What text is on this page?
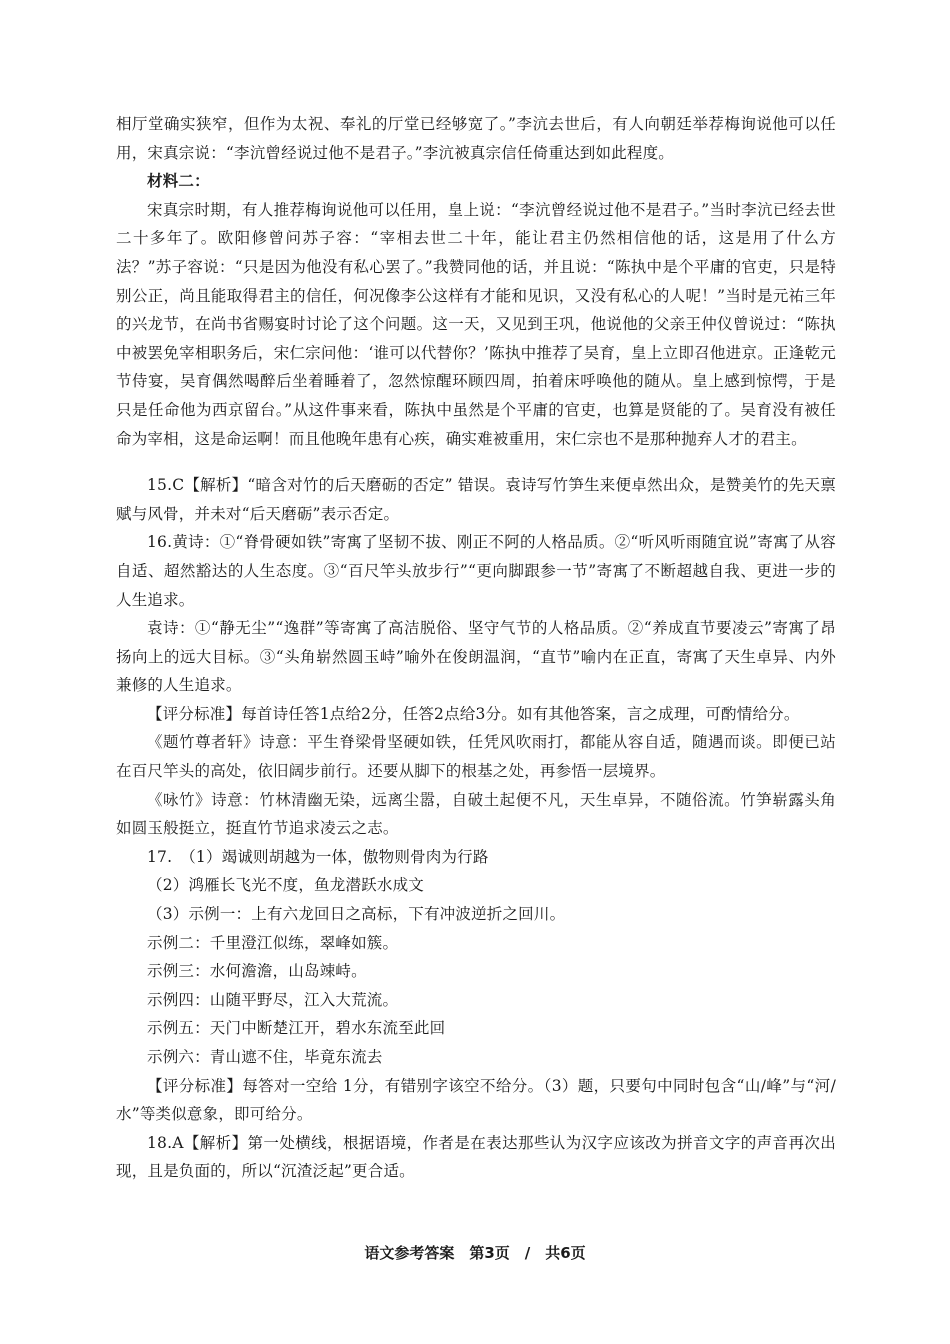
相厅堂确实狭窄，但作为太祝、奉礼的厅堂已经够宽了。”李沆去世后，有人向朝廷举荐梅询说他可以任用，宋真宗说：“李沆曾经说过他不是君子。”李沆被真宗信任倚重达到如此程度。

材料二：

宋真宗时期，有人推荐梅询说他可以任用，皇上说：“李沆曾经说过他不是君子。”当时李沆已经去世二十多年了。欧阳修曾问苏子容：“宰相去世二十年，能让君主仍然相信他的话，这是用了什么方法？”苏子容说：“只是因为他没有私心罢了。”我赞同他的话，并且说：“陈执中是个平庸的官吏，只是特别公正，尚且能取得君主的信任，何况像李公这样有才能和见识，又没有私心的人呢！”当时是元祐三年的兴龙节，在尚书省赐宴时讨论了这个问题。这一天，又见到王巩，他说他的父亲王仲仪曾说过：“陈执中被罢免宰相职务后，宋仁宗问他：‘谁可以代替你？’陈执中推荐了吴育，皇上立即召他进京。正逢乾元节侍宴，吴育偶然喝醉后坐着睡着了，忽然惊醒环顾四周，拍着床呼唤他的随从。皇上感到惊愕，于是只是任命他为西京留台。”从这件事来看，陈执中虽然是个平庸的官吏，也算是贤能的了。吴育没有被任命为宰相，这是命运啊！而且他晚年患有心疾，确实难被重用，宋仁宗也不是那种抛弃人才的君主。

15.C【解析】“暗含对竹的后天磨砺的否定” 错误。袁诗写竹笋生来便卓然出众，是赞美竹的先天禀赋与风骨，并未对“后天磨砺”表示否定。

16.黄诗：①“脊骨硬如铁”寄寓了坚韧不拔、刚正不阿的人格品质。②“听风听雨随宜说”寄寓了从容自适、超然豁达的人生态度。③“百尺竿头放步行”“更向脚跟参一节”寄寓了不断超越自我、更进一步的人生追求。

袁诗：①“静无尘”“逸群”等寄寓了高洁脱俗、坚守气节的人格品质。②“养成直节要凌云”寄寓了昂扬向上的远大目标。③“头角崭然圆玉峙”喻外在俊朗温润，“直节”喻内在正直，寄寓了天生卓异、内外兼修的人生追求。

【评分标准】每首诗任答1点给2分，任答2点给3分。如有其他答案，言之成理，可酌情给分。

《题竹尊者轩》诗意：平生脊梁骨坚硬如铁，任凭风吹雨打，都能从容自适，随遇而谈。即便已站在百尺竿头的高处，依旧阔步前行。还要从脚下的根基之处，再参悟一层境界。

《咏竹》诗意：竹林清幽无染，远离尘嚣，自破土起便不凡，天生卓异，不随俗流。竹笋崭露头角如圆玉般挺立，挺直竹节追求凌云之志。

17.　（1）竭诚则胡越为一体，傲物则骨肉为行路

（2）鸿雁长飞光不度，鱼龙潜跃水成文

（3）示例一：上有六龙回日之高标，下有冲波逆折之回川。

示例二：千里澄江似练，翠峰如簇。

示例三：水何澹澹，山岛竦峙。

示例四：山随平野尽，江入大荒流。

示例五：天门中断楚江开，碧水东流至此回

示例六：青山遮不住，毕竟东流去

【评分标准】每答对一空给 1分，有错别字该空不给分。（3）题，只要句中同时包含“山/峰”与“河/水”等类似意象，即可给分。

18.A【解析】第一处横线，根据语境，作者是在表达那些认为汉字应该改为拼音文字的声音再次出现，且是负面的，所以“沉渣泛起”更合适。

语文参考答案　第3页　/　共6页
